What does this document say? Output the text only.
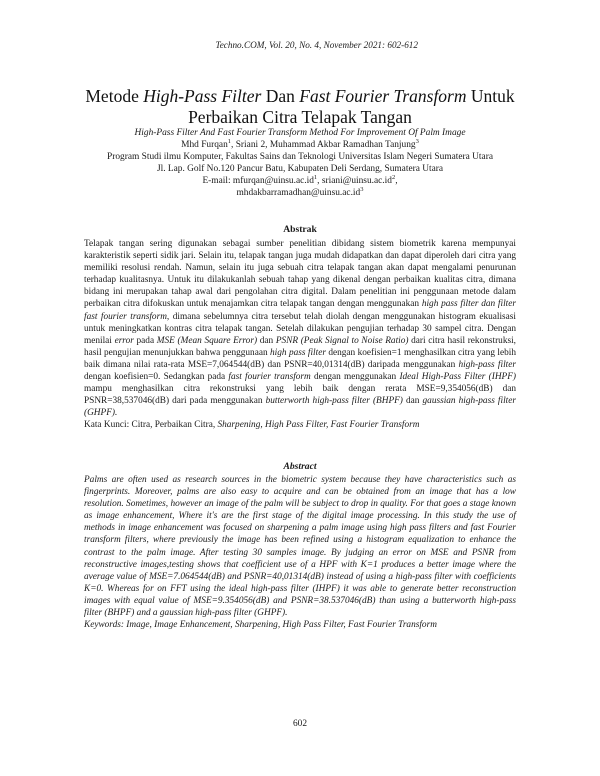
Techno.COM, Vol. 20, No. 4, November 2021: 602-612
Metode High-Pass Filter Dan Fast Fourier Transform Untuk
Perbaikan Citra Telapak Tangan
High-Pass Filter And Fast Fourier Transform Method For Improvement Of Palm Image
Mhd Furqan$^1$, Sriani 2, Muhammad Akbar Ramadhan Tanjung$^3$
Program Studi ilmu Komputer, Fakultas Sains dan Teknologi Universitas Islam Negeri Sumatera Utara
Jl. Lap. Golf No.120 Pancur Batu, Kabupaten Deli Serdang, Sumatera Utara
E-mail: $mfurqan@uinsu.ac.id^1$, $sriani@uinsu.ac.id^2$,
$mhdakbarramadhan@uinsu.ac.id^3$
Abstrak

Telapak tangan sering digunakan sebagai sumber penelitian dibidang sistem biometrik karena mempunyai karakteristik seperti sidik jari. Selain itu, telapak tangan juga mudah didapatkan dan dapat diperoleh dari citra yang memiliki resolusi rendah. Namun, selain itu juga sebuah citra telapak tangan akan dapat mengalami penurunan terhadap kualitasnya. Untuk itu dilakukanlah sebuah tahap yang dikenal dengan perbaikan kualitas citra, dimana bidang ini merupakan tahap awal dari pengolahan citra digital. Dalam penelitian ini penggunaan metode dalam perbaikan citra difokuskan untuk menajamkan citra telapak tangan dengan menggunakan high pass filter dan filter fast fourier transform, dimana sebelumnya citra tersebut telah diolah dengan menggunakan histogram ekualisasi untuk meningkatkan kontras citra telapak tangan. Setelah dilakukan pengujian terhadap 30 sampel citra. Dengan menilai error pada MSE (Mean Square Error) dan PSNR (Peak Signal to Noise Ratio) dari citra hasil rekonstruksi, hasil pengujian menunjukkan bahwa penggunaan high pass filter dengan koefisien=1 menghasilkan citra yang lebih baik dimana nilai rata-rata MSE=7,064544(dB) dan PSNR=40,01314(dB) daripada menggunakan high-pass filter dengan koefisien=0. Sedangkan pada fast fourier transform dengan menggunakan Ideal High-Pass Filter (IHPF) mampu menghasilkan citra rekonstruksi yang lebih baik dengan rerata MSE=9,354056(dB) dan PSNR=38,537046(dB) dari pada menggunakan butterworth high-pass filter (BHPF) dan gaussian high-pass filter (GHPF).

Kata Kunci: Citra, Perbaikan Citra, Sharpening, High Pass Filter, Fast Fourier Transform

Abstract

Palms are often used as research sources in the biometric system because they have characteristics such as fingerprints. Moreover, palms are also easy to acquire and can be obtained from an image that has a low resolution. Sometimes, however an image of the palm will be subject to drop in quality. For that goes a stage known as image enhancement, Where it's are the first stage of the digital image processing. In this study the use of methods in image enhancement was focused on sharpening a palm image using high pass filters and fast Fourier transform filters, where previously the image has been refined using a histogram equalization to enhance the contrast to the palm image. After testing 30 samples image. By judging an error on MSE and PSNR from reconstructive images,testing shows that coefficient use of a HPF with K=1 produces a better image where the average value of MSE=7.064544(dB) and PSNR=40,01314(dB) instead of using a high-pass filter with coefficients K=0. Whereas for on FFT using the ideal high-pass filter (IHPF) it was able to generate better reconstruction images with equal value of MSE=9.354056(dB) and PSNR=38.537046(dB) than using a butterworth high-pass filter (BHPF) and a gaussian high-pass filter (GHPF).

Keywords: Image, Image Enhancement, Sharpening, High Pass Filter, Fast Fourier Transform

602
